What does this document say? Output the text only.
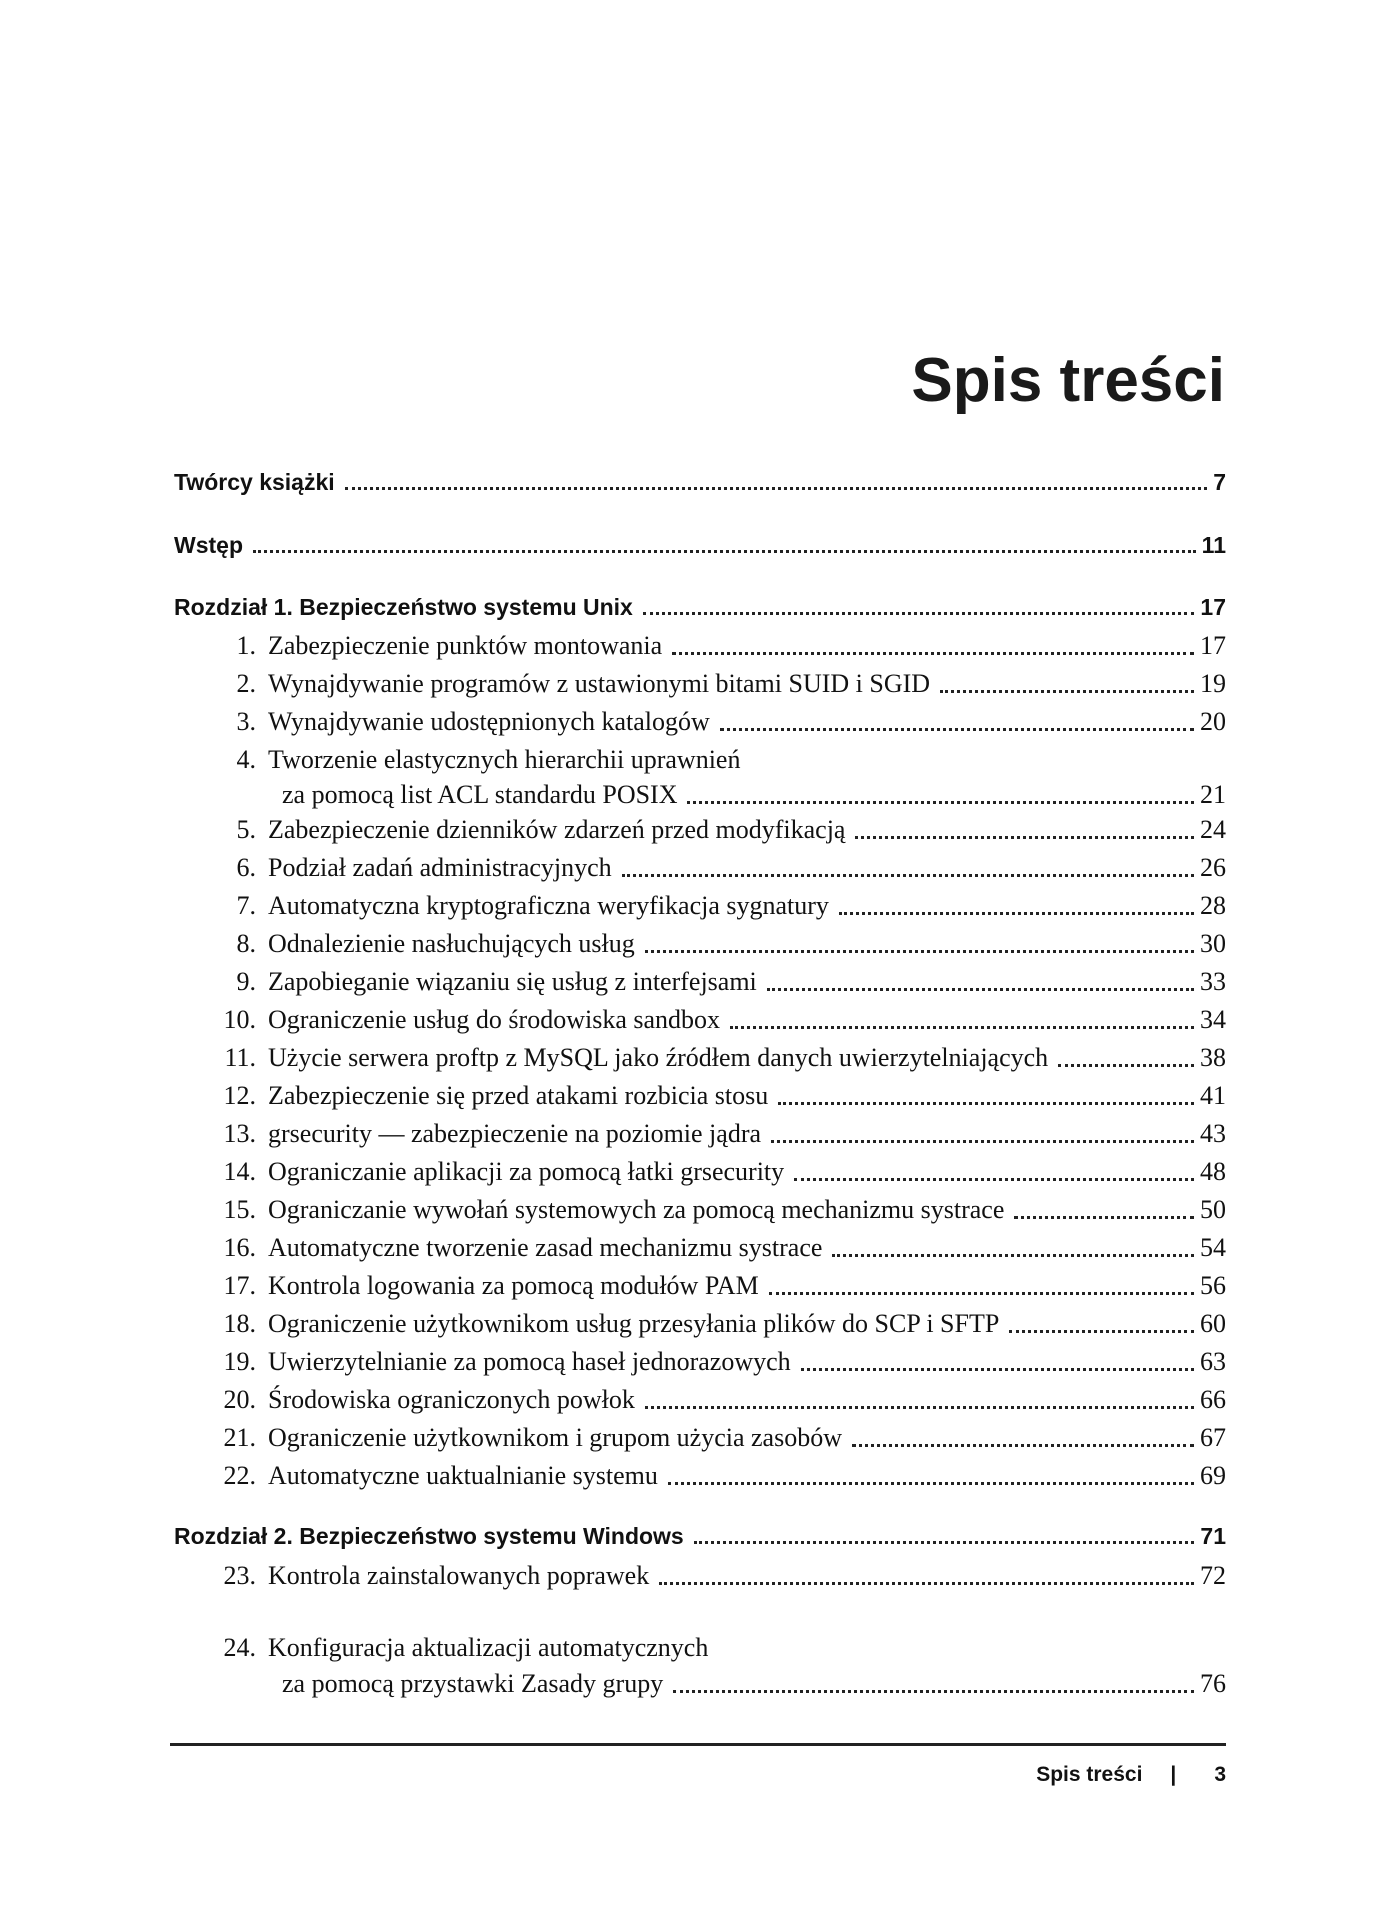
Spis treści
Twórcy książki	7
Wstęp	11
Rozdział 1. Bezpieczeństwo systemu Unix	17
1. Zabezpieczenie punktów montowania	17
2. Wynajdywanie programów z ustawionymi bitami SUID i SGID	19
3. Wynajdywanie udostępnionych katalogów	20
4. Tworzenie elastycznych hierarchii uprawnień
za pomocą list ACL standardu POSIX	21
5. Zabezpieczenie dzienników zdarzeń przed modyfikacją	24
6. Podział zadań administracyjnych	26
7. Automatyczna kryptograficzna weryfikacja sygnatury	28
8. Odnalezienie nasłuchujących usług	30
9. Zapobieganie wiązaniu się usług z interfejsami	33
10. Ograniczenie usług do środowiska sandbox	34
11. Użycie serwera proftp z MySQL jako źródłem danych uwierzytelniających	38
12. Zabezpieczenie się przed atakami rozbicia stosu	41
13. grsecurity — zabezpieczenie na poziomie jądra	43
14. Ograniczanie aplikacji za pomocą łatki grsecurity	48
15. Ograniczanie wywołań systemowych za pomocą mechanizmu systrace	50
16. Automatyczne tworzenie zasad mechanizmu systrace	54
17. Kontrola logowania za pomocą modułów PAM	56
18. Ograniczenie użytkownikom usług przesyłania plików do SCP i SFTP	60
19. Uwierzytelnianie za pomocą haseł jednorazowych	63
20. Środowiska ograniczonych powłok	66
21. Ograniczenie użytkownikom i grupom użycia zasobów	67
22. Automatyczne uaktualnianie systemu	69
Rozdział 2. Bezpieczeństwo systemu Windows	71
23. Kontrola zainstalowanych poprawek	72
24. Konfiguracja aktualizacji automatycznych
za pomocą przystawki Zasady grupy	76
Spis treści | 3
